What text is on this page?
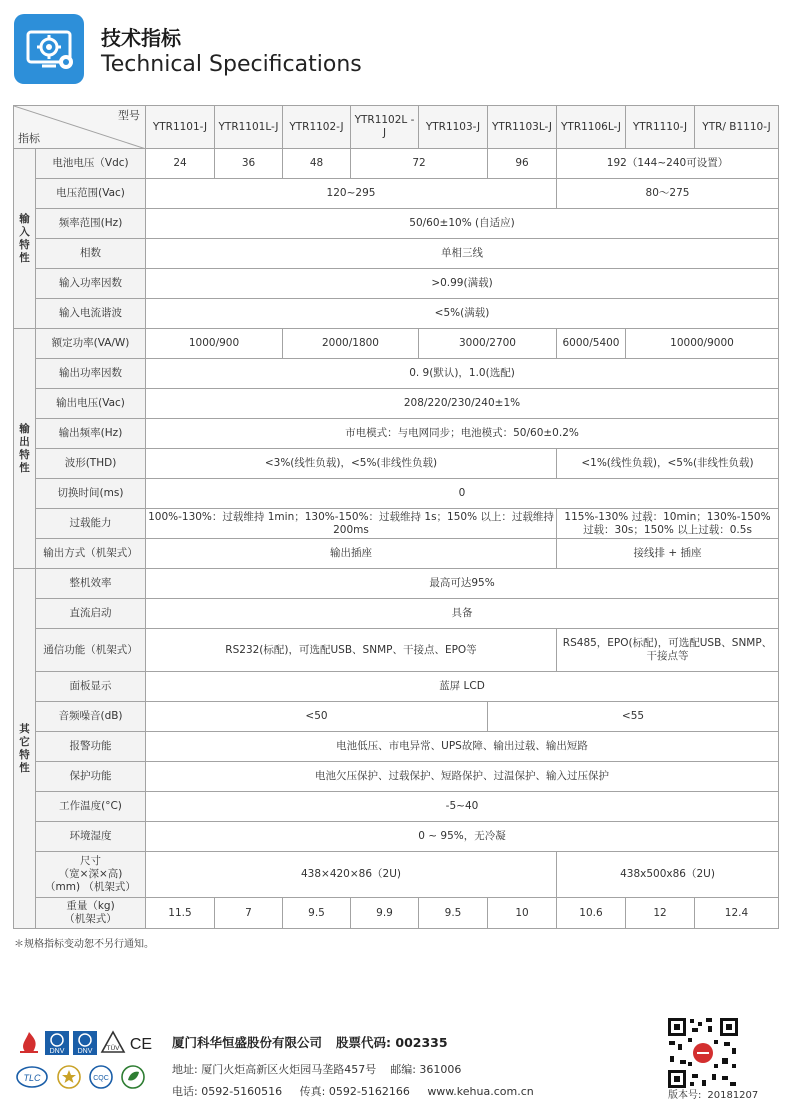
技术指标
Technical Specifications
型号
指标		YTR1101-J	YTR1101L-J	YTR1102-J	YTR1102L -J	YTR1103-J	YTR1103L-J	YTR1106L-J	YTR1110-J	YTR/ B1110-J
输 入 特 性	电池电压（Vdc)	24	36	48	72		96	192（144~240可设置）		
	电压范围(Vac)	120~295						80～275		
	频率范围(Hz)	50/60±10% (自适应)								
	相数	单相三线								
	输入功率因数	>0.99(满载)								
	输入电流谐波	<5%(满载)								
输 出 特 性	额定功率(VA/W)	1000/900		2000/1800		3000/2700		6000/5400	10000/9000	
	输出功率因数	0. 9(默认)，1.0(选配)								
	输出电压(Vac)	208/220/230/240±1%								
	输出频率(Hz)	市电模式：与电网同步；电池模式：50/60±0.2%								
	波形(THD)	<3%(线性负载)，<5%(非线性负载)						<1%(线性负载)，<5%(非线性负载)		
	切换时间(ms)	0								
	过载能力	100%-130%：过载维持 1min；130%-150%：过载维持 1s；150% 以上：过载维持 200ms						115%-130% 过载：10min；130%-150% 过载：30s；150% 以上过载：0.5s		
	输出方式（机架式）	输出插座						接线排 + 插座		
其 它 特 性	整机效率	最高可达95%								
	直流启动	具备								
	通信功能（机架式）	RS232(标配)，可选配USB、SNMP、干接点、EPO等						RS485，EPO(标配)，可选配USB、SNMP、干接点等		
	面板显示	蓝屏 LCD								
	音频噪音(dB)	<50					<55			
	报警功能	电池低压、市电异常、UPS故障、输出过载、输出短路								
	保护功能	电池欠压保护、过载保护、短路保护、过温保护、输入过压保护								
	工作温度(°C)	-5~40								
	环境湿度	0 ~ 95%，无冷凝								

	尺寸
（宽×深×高)
（mm) （机架式）	438×420×86（2U)						438x500x86（2U)		

	重量（kg)
（机架式）	11.5	7	9.5	9.9	9.5	10	10.6	12	12.4
＊规格指标变动恕不另行通知。
DNV DNV TÜV CE
TLC	CQC
厦门科华恒盛股份有限公司 股票代码: 002335
地址: 厦门火炬高新区火炬园马垄路457号 邮编: 361006
电话: 0592-5160516 传真: 0592-5162166 www.kehua.com.cn	版本号: 20181207
